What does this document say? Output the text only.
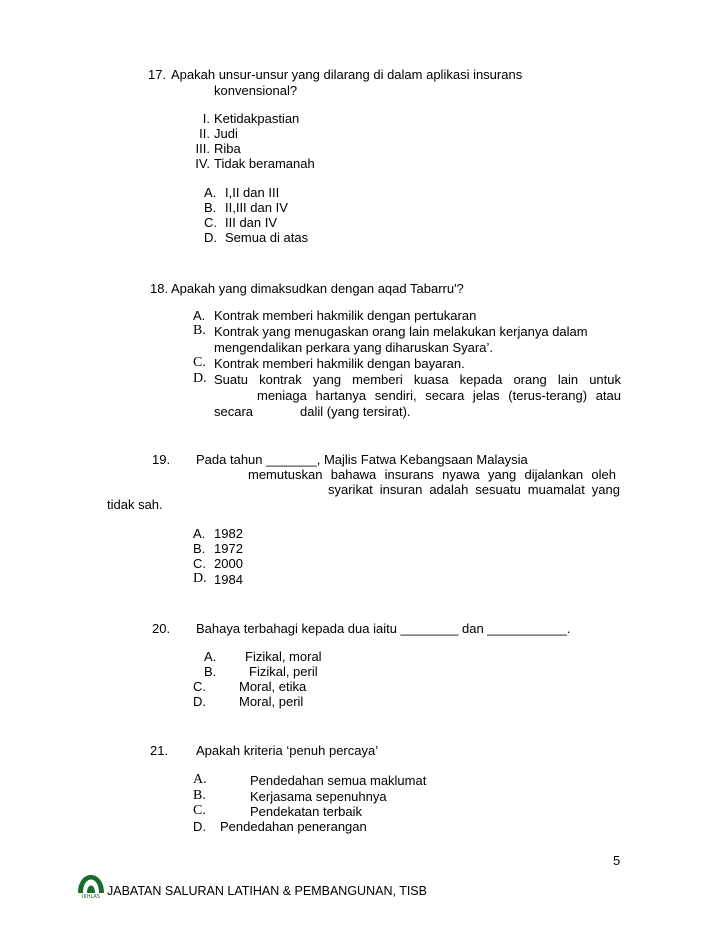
17. Apakah unsur-unsur yang dilarang di dalam aplikasi insurans
konvensional?
I. Ketidakpastian
II. Judi
III. Riba
IV. Tidak beramanah
A. I,II dan III
B. II,III dan IV
C. III dan IV
D. Semua di atas
18. Apakah yang dimaksudkan dengan aqad Tabarru'?
A. Kontrak memberi hakmilik dengan pertukaran
B. Kontrak yang menugaskan orang lain melakukan kerjanya dalam
mengendalikan perkara yang diharuskan Syara’.
C. Kontrak memberi hakmilik dengan bayaran.
D. Suatu kontrak yang memberi kuasa kepada orang lain untuk
meniaga hartanya sendiri, secara jelas (terus-terang) atau
secara	dalil (yang tersirat).
19. Pada tahun _______, Majlis Fatwa Kebangsaan Malaysia
memutuskan bahawa insurans nyawa yang dijalankan oleh
syarikat insuran adalah sesuatu muamalat yang
tidak sah.
A. 1982
B. 1972
C. 2000
D. 1984
20. Bahaya terbahagi kepada dua iaitu ________ dan ___________.
A. Fizikal, moral
B.	Fizikal, peril
C.	Moral, etika
D.	Moral, peril
21. Apakah kriteria ‘penuh percaya’
A.	Pendedahan semua maklumat
B.	Kerjasama sepenuhnya
C.	Pendekatan terbaik
D. Pendedahan penerangan
5
IKHLAS JABATAN SALURAN LATIHAN & PEMBANGUNAN, TISB
